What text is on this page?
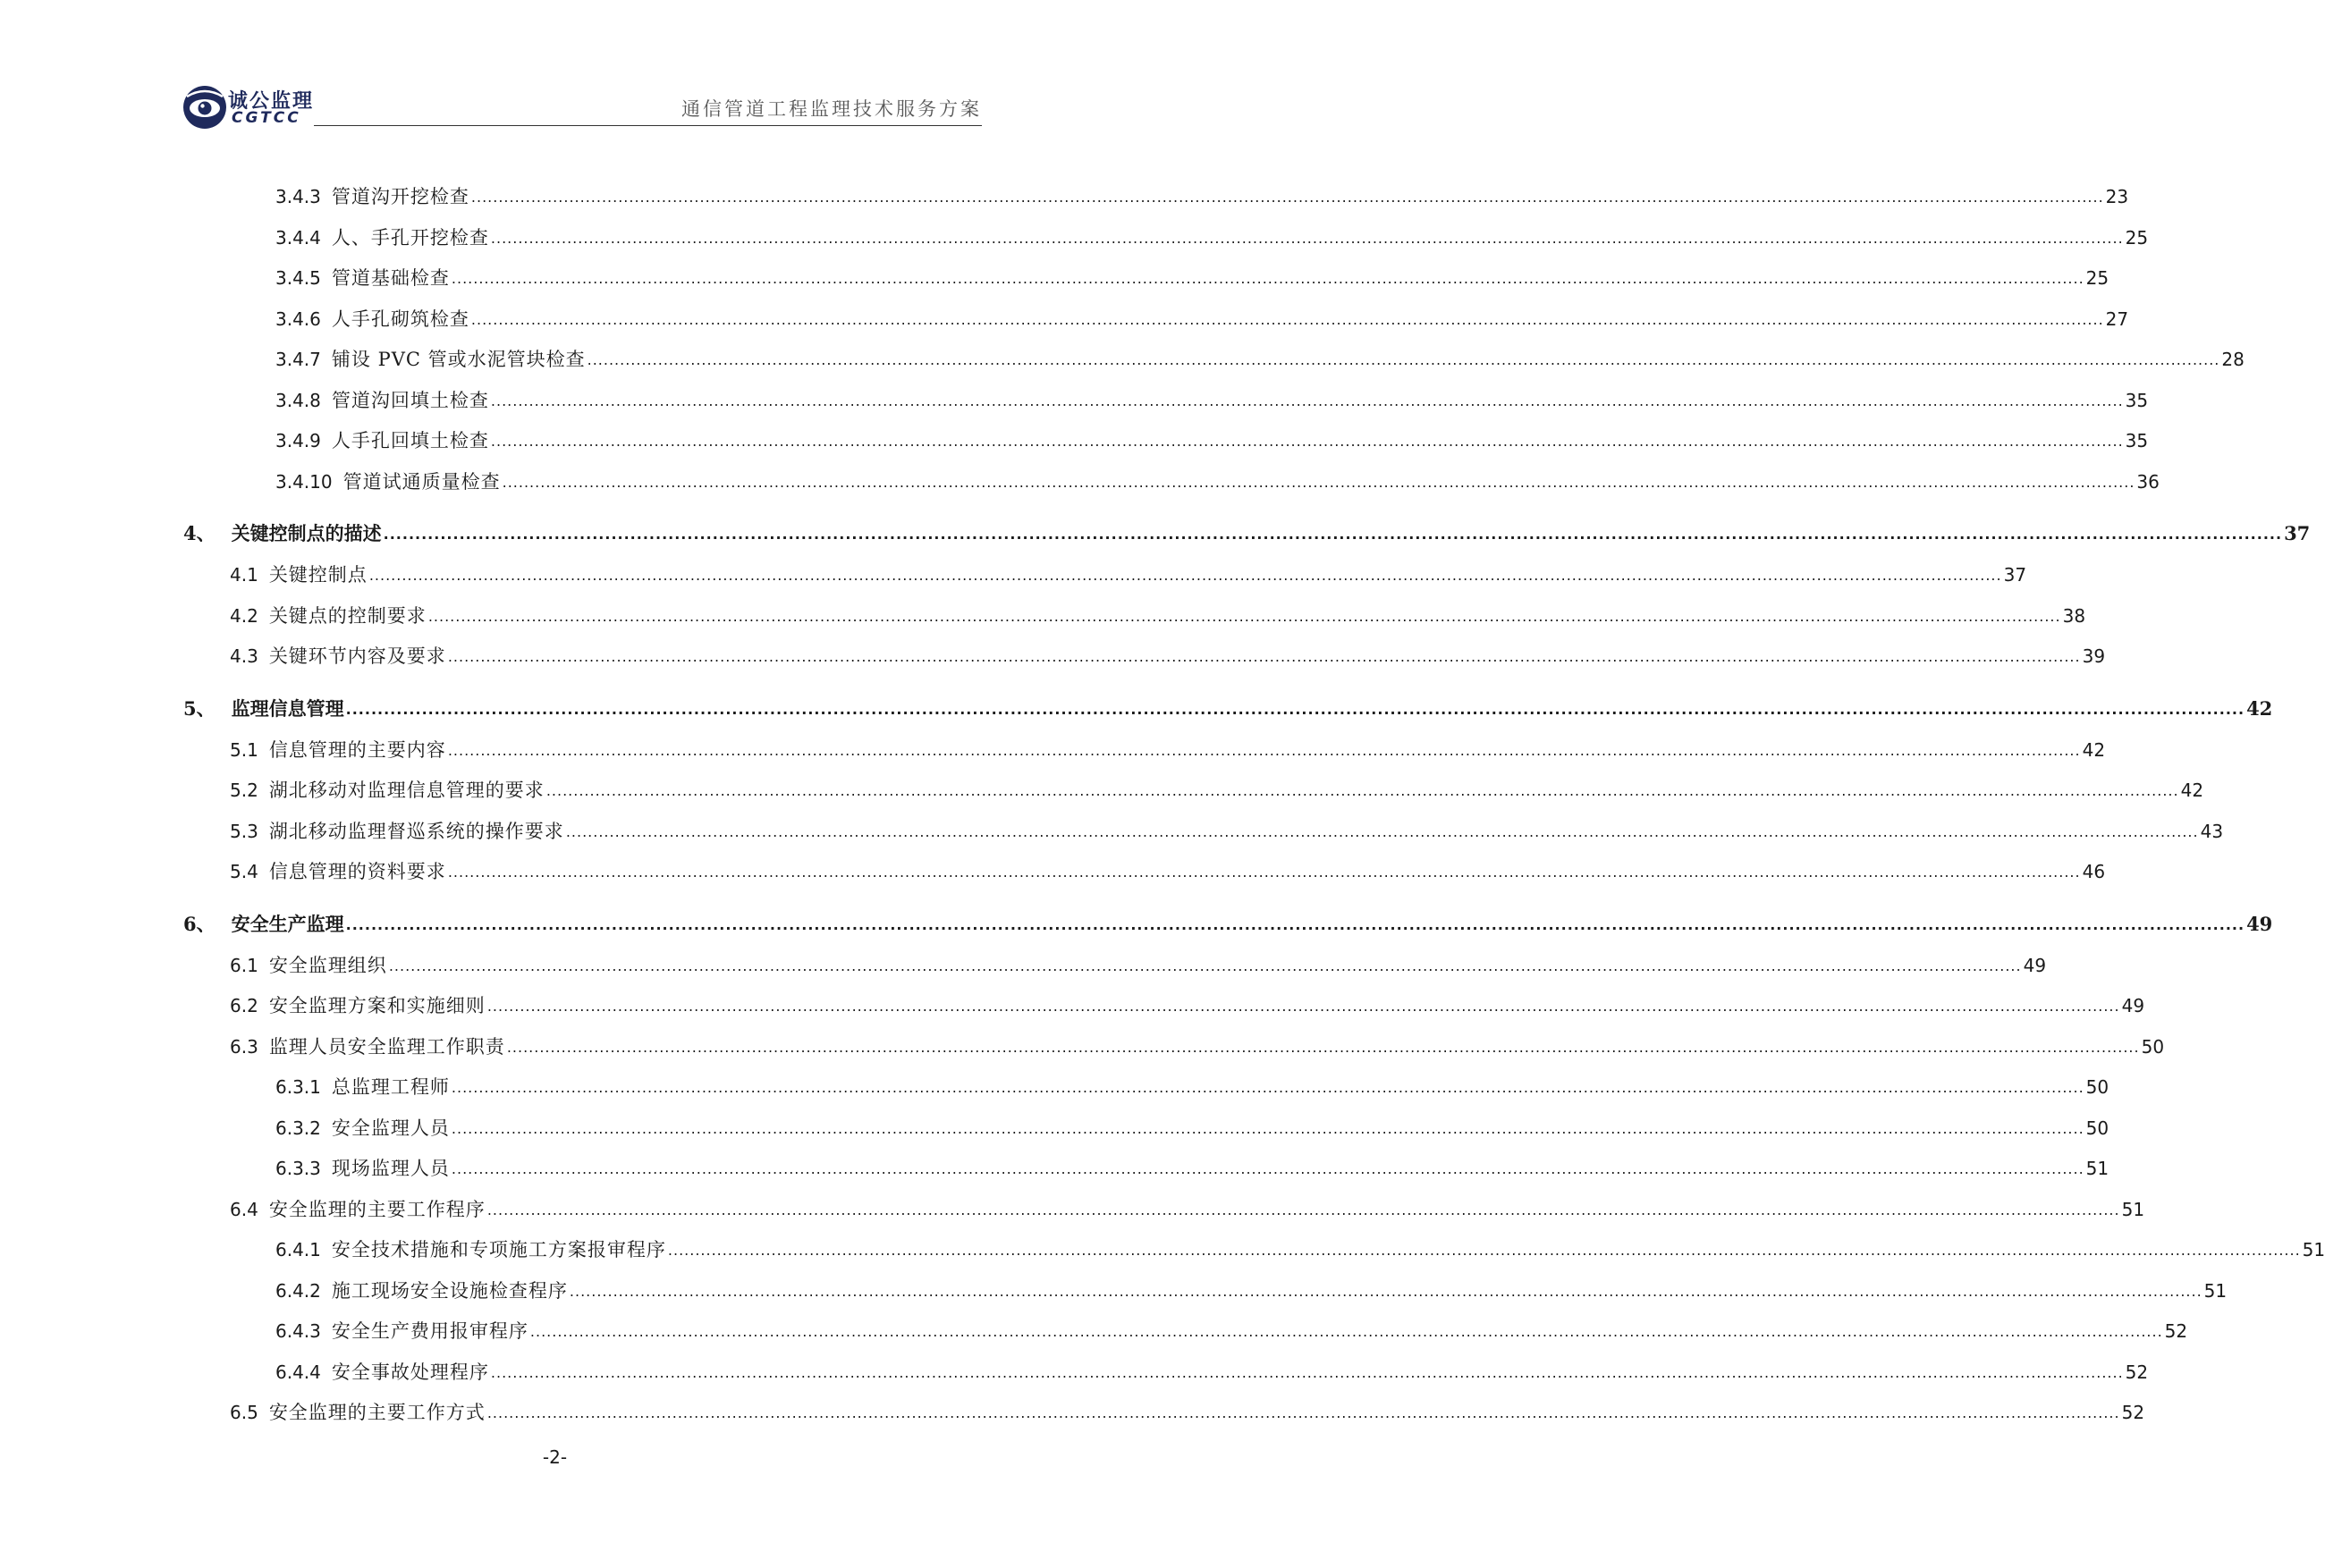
诚公监理
CGTCC	通信管道工程监理技术服务方案
3.4.3 管道沟开挖检查 ............................................................................................................................................................................................................................................................................................................ 23
3.4.4 人、手孔开挖检查 ............................................................................................................................................................................................................................................................................................................ 25
3.4.5 管道基础检查 ............................................................................................................................................................................................................................................................................................................ 25
3.4.6 人手孔砌筑检查 ............................................................................................................................................................................................................................................................................................................ 27
3.4.7 铺设 PVC 管或水泥管块检查 ............................................................................................................................................................................................................................................................................................................ 28
3.4.8 管道沟回填土检查 ............................................................................................................................................................................................................................................................................................................ 35
3.4.9 人手孔回填土检查 ............................................................................................................................................................................................................................................................................................................ 35
3.4.10 管道试通质量检查 ............................................................................................................................................................................................................................................................................................................ 36
4、 关键控制点的描述 ............................................................................................................................................................................................................................................................................................................ 37
4.1 关键控制点 ............................................................................................................................................................................................................................................................................................................ 37
4.2 关键点的控制要求 ............................................................................................................................................................................................................................................................................................................ 38
4.3 关键环节内容及要求 ............................................................................................................................................................................................................................................................................................................ 39
5、 监理信息管理 ............................................................................................................................................................................................................................................................................................................ 42
5.1 信息管理的主要内容 ............................................................................................................................................................................................................................................................................................................ 42
5.2 湖北移动对监理信息管理的要求 ............................................................................................................................................................................................................................................................................................................ 42
5.3 湖北移动监理督巡系统的操作要求 ............................................................................................................................................................................................................................................................................................................ 43
5.4 信息管理的资料要求 ............................................................................................................................................................................................................................................................................................................ 46
6、 安全生产监理 ............................................................................................................................................................................................................................................................................................................ 49
6.1 安全监理组织 ............................................................................................................................................................................................................................................................................................................ 49
6.2 安全监理方案和实施细则 ............................................................................................................................................................................................................................................................................................................ 49
6.3 监理人员安全监理工作职责 ............................................................................................................................................................................................................................................................................................................ 50
6.3.1 总监理工程师 ............................................................................................................................................................................................................................................................................................................ 50
6.3.2 安全监理人员 ............................................................................................................................................................................................................................................................................................................ 50
6.3.3 现场监理人员 ............................................................................................................................................................................................................................................................................................................ 51
6.4 安全监理的主要工作程序 ............................................................................................................................................................................................................................................................................................................ 51
6.4.1 安全技术措施和专项施工方案报审程序 ............................................................................................................................................................................................................................................................................................................ 51
6.4.2 施工现场安全设施检查程序 ............................................................................................................................................................................................................................................................................................................ 51
6.4.3 安全生产费用报审程序 ............................................................................................................................................................................................................................................................................................................ 52
6.4.4 安全事故处理程序 ............................................................................................................................................................................................................................................................................................................ 52
6.5 安全监理的主要工作方式 ............................................................................................................................................................................................................................................................................................................ 52
-2-
